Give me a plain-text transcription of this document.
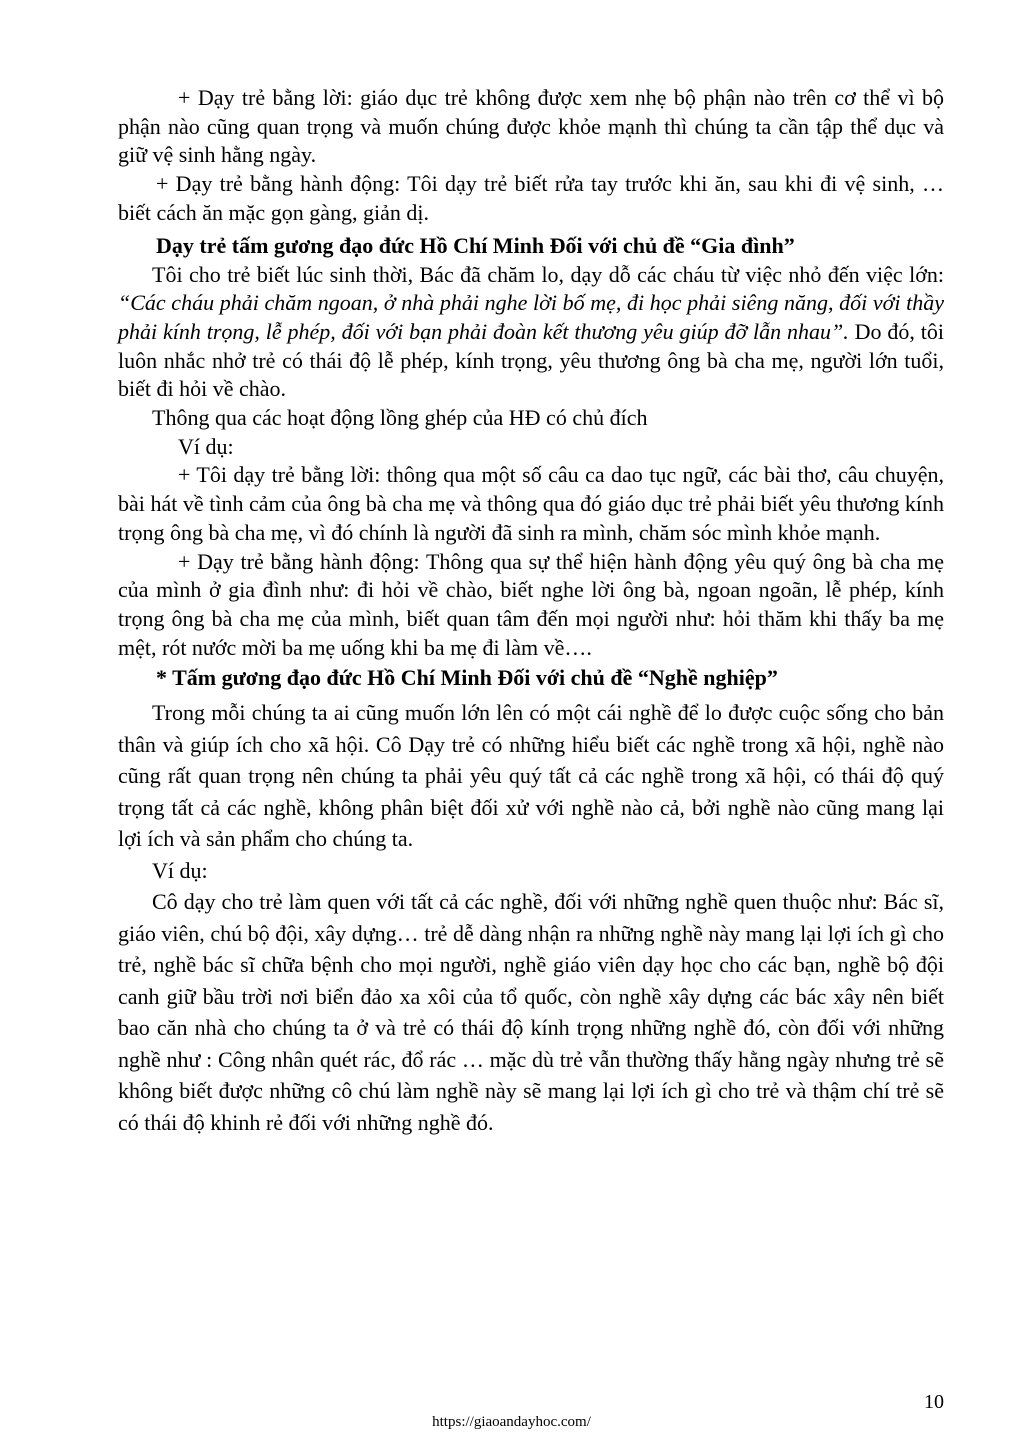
+ Dạy trẻ bằng lời: giáo dục trẻ không được xem nhẹ bộ phận nào trên cơ thể vì bộ phận nào cũng quan trọng và muốn chúng được khỏe mạnh thì chúng ta cần tập thể dục và giữ vệ sinh hằng ngày.

+ Dạy trẻ bằng hành động: Tôi dạy trẻ biết rửa tay trước khi ăn, sau khi đi vệ sinh, … biết cách ăn mặc gọn gàng, giản dị.

Dạy trẻ tấm gương đạo đức Hồ Chí Minh Đối với chủ đề “Gia đình”

Tôi cho trẻ biết lúc sinh thời, Bác đã chăm lo, dạy dỗ các cháu từ việc nhỏ đến việc lớn: “Các cháu phải chăm ngoan, ở nhà phải nghe lời bố mẹ, đi học phải siêng năng, đối với thầy phải kính trọng, lễ phép, đối với bạn phải đoàn kết thương yêu giúp đỡ lẫn nhau”. Do đó, tôi luôn nhắc nhở trẻ có thái độ lễ phép, kính trọng, yêu thương ông bà cha mẹ, người lớn tuổi, biết đi hỏi về chào.

Thông qua các hoạt động lồng ghép của HĐ có chủ đích

Ví dụ:

+ Tôi dạy trẻ bằng lời: thông qua một số câu ca dao tục ngữ, các bài thơ, câu chuyện, bài hát về tình cảm của ông bà cha mẹ và thông qua đó giáo dục trẻ phải biết yêu thương kính trọng ông bà cha mẹ, vì đó chính là người đã sinh ra mình, chăm sóc mình khỏe mạnh.

+ Dạy trẻ bằng hành động: Thông qua sự thể hiện hành động yêu quý ông bà cha mẹ của mình ở gia đình như: đi hỏi về chào, biết nghe lời ông bà, ngoan ngoãn, lễ phép, kính trọng ông bà cha mẹ của mình, biết quan tâm đến mọi người như: hỏi thăm khi thấy ba mẹ mệt, rót nước mời ba mẹ uống khi ba mẹ đi làm về….

* Tấm gương đạo đức Hồ Chí Minh Đối với chủ đề “Nghề nghiệp”

Trong mỗi chúng ta ai cũng muốn lớn lên có một cái nghề để lo được cuộc sống cho bản thân và giúp ích cho xã hội. Cô Dạy trẻ có những hiểu biết các nghề trong xã hội, nghề nào cũng rất quan trọng nên chúng ta phải yêu quý tất cả các nghề trong xã hội, có thái độ quý trọng tất cả các nghề, không phân biệt đối xử với nghề nào cả, bởi nghề nào cũng mang lại lợi ích và sản phẩm cho chúng ta.

Ví dụ:

Cô dạy cho trẻ làm quen với tất cả các nghề, đối với những nghề quen thuộc như: Bác sĩ, giáo viên, chú bộ đội, xây dựng… trẻ dễ dàng nhận ra những nghề này mang lại lợi ích gì cho trẻ, nghề bác sĩ chữa bệnh cho mọi người, nghề giáo viên dạy học cho các bạn, nghề bộ đội canh giữ bầu trời nơi biển đảo xa xôi của tổ quốc, còn nghề xây dựng các bác xây nên biết bao căn nhà cho chúng ta ở và trẻ có thái độ kính trọng những nghề đó, còn đối với những nghề như : Công nhân quét rác, đổ rác … mặc dù trẻ vẫn thường thấy hằng ngày nhưng trẻ sẽ không biết được những cô chú làm nghề này sẽ mang lại lợi ích gì cho trẻ và thậm chí trẻ sẽ có thái độ khinh rẻ đối với những nghề đó.

10
https://giaoandayhoc.com/
